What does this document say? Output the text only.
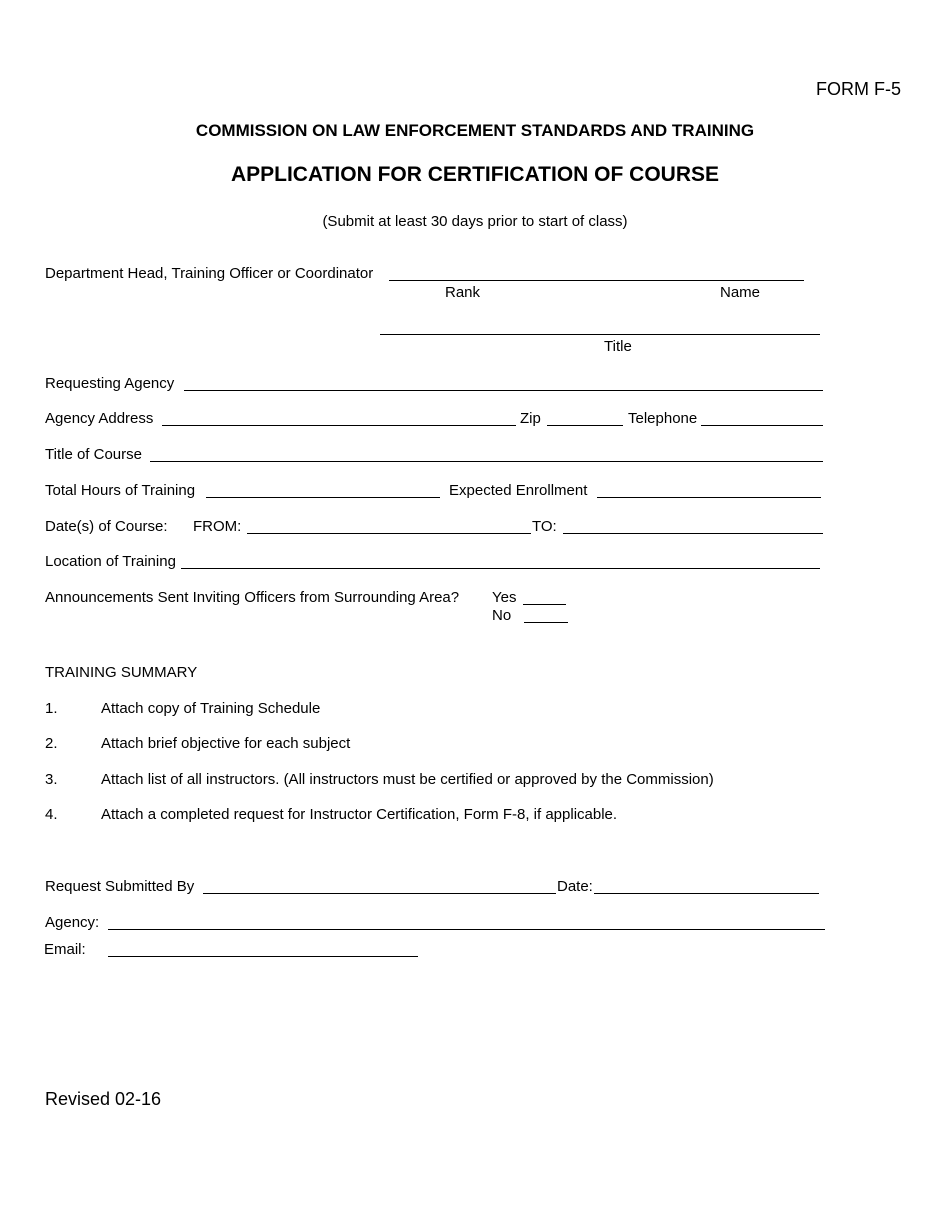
FORM F-5
COMMISSION ON LAW ENFORCEMENT STANDARDS AND TRAINING
APPLICATION FOR CERTIFICATION OF COURSE
(Submit at least 30 days prior to start of class)
Department Head, Training Officer or Coordinator
Rank	Name
Title
Requesting Agency
Agency Address	Zip	Telephone
Title of Course
Total Hours of Training	Expected Enrollment
Date(s) of Course: FROM:	TO:
Location of Training
Announcements Sent Inviting Officers from Surrounding Area? Yes
No
TRAINING SUMMARY
1.	Attach copy of Training Schedule
2.	Attach brief objective for each subject
3.	Attach list of all instructors. (All instructors must be certified or approved by the Commission)
4.	Attach a completed request for Instructor Certification, Form F-8, if applicable.
Request Submitted By	Date:
Agency:
Email:
Revised 02-16
